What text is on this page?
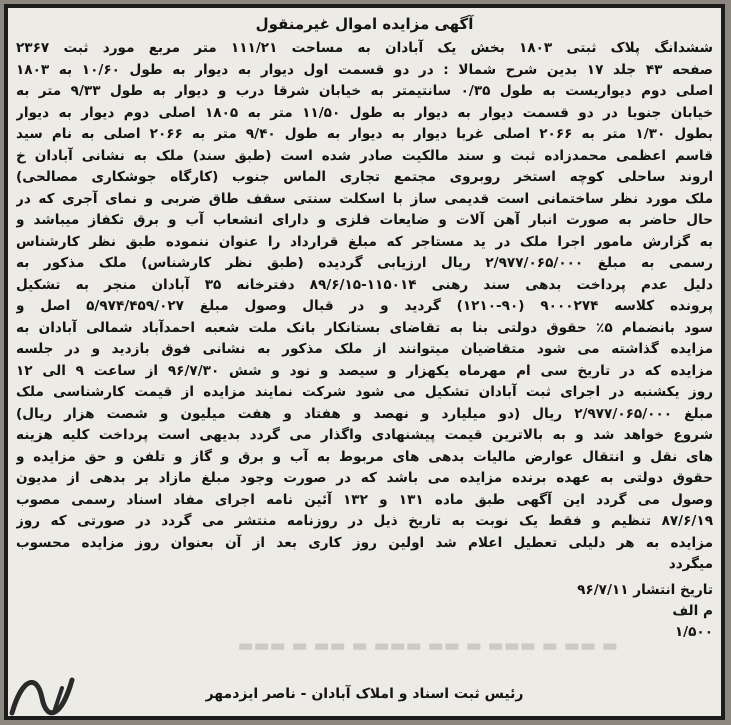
آگهی مزایده اموال غیرمنقول
ششدانگ پلاک ثبتی ۱۸۰۳ بخش یک آبادان به مساحت ۱۱۱/۲۱ متر مربع مورد ثبت ۲۳۶۷
صفحه ۴۳ جلد ۱۷ بدین شرح شمالا : در دو قسمت اول دیوار به دیوار به طول ۱۰/۶۰ به ۱۸۰۳
اصلی دوم دیواریست به طول ۰/۳۵ سانتیمتر به خیابان شرقا درب و دیوار به طول ۹/۳۳ متر به
خیابان جنوبا در دو قسمت دیوار به دیوار به طول ۱۱/۵۰ متر به ۱۸۰۵ اصلی دوم دیوار به دیوار
بطول ۱/۳۰ متر به ۲۰۶۶ اصلی غربا دیوار به دیوار به طول ۹/۴۰ متر به ۲۰۶۶ اصلی به نام سید
قاسم اعظمی محمدزاده ثبت و سند مالکیت صادر شده است (طبق سند) ملک به نشانی آبادان خ
اروند ساحلی کوچه استخر روبروی مجتمع تجاری الماس جنوب (کارگاه جوشکاری مصالحی)
ملک مورد نظر ساختمانی است قدیمی ساز با اسکلت سنتی سقف طاق ضربی و نمای آجری که در
حال حاضر به صورت انبار آهن آلات و ضایعات فلزی و دارای انشعاب آب و برق تکفاز میباشد و
به گزارش مامور اجرا ملک در ید مستاجر که مبلغ قرارداد را عنوان ننموده طبق نظر کارشناس
رسمی به مبلغ ۲/۹۷۷/۰۶۵/۰۰۰ ریال ارزیابی گردیده (طبق نظر کارشناس) ملک مذکور به
دلیل عدم پرداخت بدهی سند رهنی ۱۱۵۰۱۴-۸۹/۶/۱۵ دفترخانه ۳۵ آبادان منجر به تشکیل
پرونده کلاسه ۹۰۰۰۲۷۴ (۹۰-۱۲۱۰) گردید و در قبال وصول مبلغ ۵/۹۷۴/۴۵۹/۰۲۷ اصل و
سود بانضمام ۵٪ حقوق دولتی بنا به تقاضای بستانکار بانک ملت شعبه احمدآباد شمالی آبادان به
مزایده گذاشته می شود متقاضیان میتوانند از ملک مذکور به نشانی فوق بازدید و در جلسه
مزایده که در تاریخ سی ام مهرماه یکهزار و سیصد و نود و شش ۹۶/۷/۳۰ از ساعت ۹ الی ۱۲
روز یکشنبه در اجرای ثبت آبادان تشکیل می شود شرکت نمایند مزایده از قیمت کارشناسی ملک
مبلغ ۲/۹۷۷/۰۶۵/۰۰۰ ریال (دو میلیارد و نهصد و هفتاد و هفت میلیون و شصت هزار ریال)
شروع خواهد شد و به بالاترین قیمت پیشنهادی واگذار می گردد بدیهی است پرداخت کلیه هزینه
های نقل و انتقال عوارض مالیات بدهی های مربوط به آب و برق و گاز و تلفن و حق مزایده و
حقوق دولتی به عهده برنده مزایده می باشد که در صورت وجود مبلغ مازاد بر بدهی از مدیون
وصول می گردد این آگهی طبق ماده ۱۳۱ و ۱۳۲ آئین نامه اجرای مفاد اسناد رسمی مصوب
۸۷/۶/۱۹ تنظیم و فقط یک نوبت به تاریخ ذیل در روزنامه منتشر می گردد در صورتی که روز
مزایده به هر دلیلی تعطیل اعلام شد اولین روز کاری بعد از آن بعنوان روز مزایده محسوب
میگردد
تاریخ انتشار ۹۶/۷/۱۱
م الف
۱/۵۰۰
رئیس ثبت اسناد و املاک آبادان - ناصر ایزدمهر
▬ ▬▬ ▬ ▬▬▬ ▬ ▬▬ ▬▬▬ ▬ ▬▬ ▬ ▬▬▬
